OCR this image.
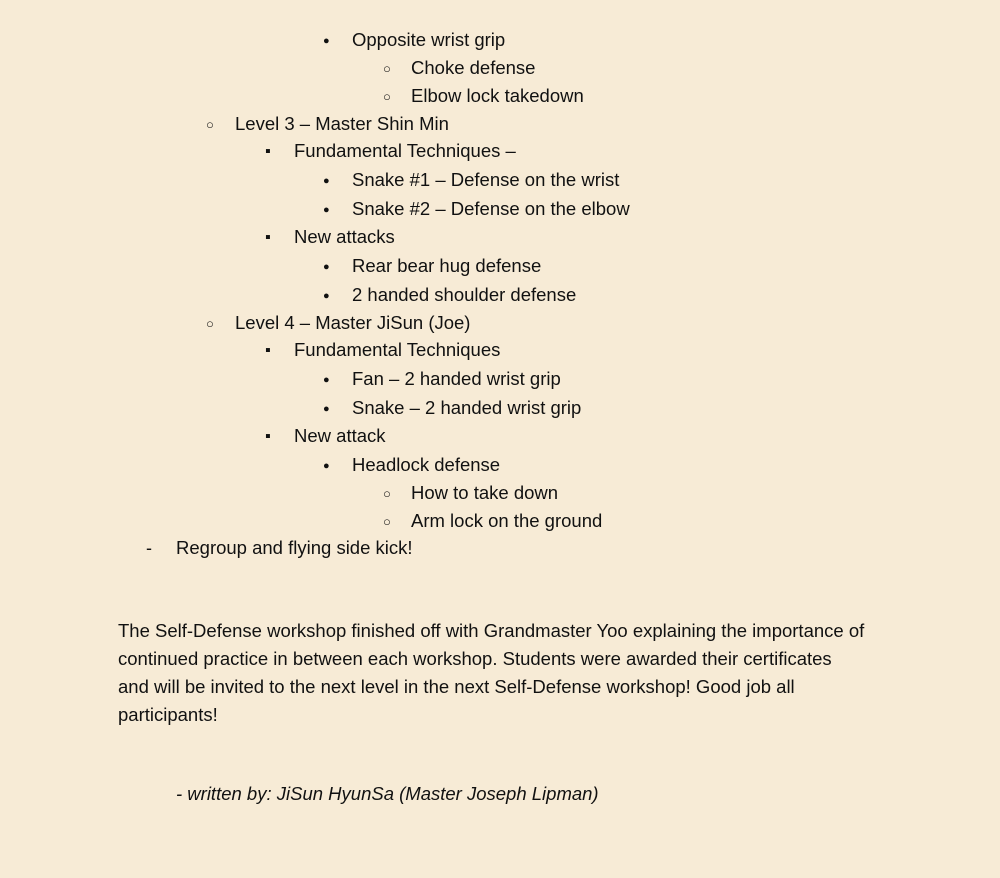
●
Opposite wrist grip
○
Choke defense
○
Elbow lock takedown
○
Level 3 – Master Shin Min
▪
Fundamental Techniques –
●
Snake #1 – Defense on the wrist
●
Snake #2 – Defense on the elbow
▪
New attacks
●
Rear bear hug defense
●
2 handed shoulder defense
○
Level 4 – Master JiSun (Joe)
▪
Fundamental Techniques
●
Fan – 2 handed wrist grip
●
Snake – 2 handed wrist grip
▪
New attack
●
Headlock defense
○
How to take down
○
Arm lock on the ground
-
Regroup and flying side kick!

The Self-Defense workshop finished off with Grandmaster Yoo explaining the importance of

continued practice in between each workshop. Students were awarded their certificates

and will be invited to the next level in the next Self-Defense workshop! Good job all

participants!

- written by: JiSun HyunSa (Master Joseph Lipman)
